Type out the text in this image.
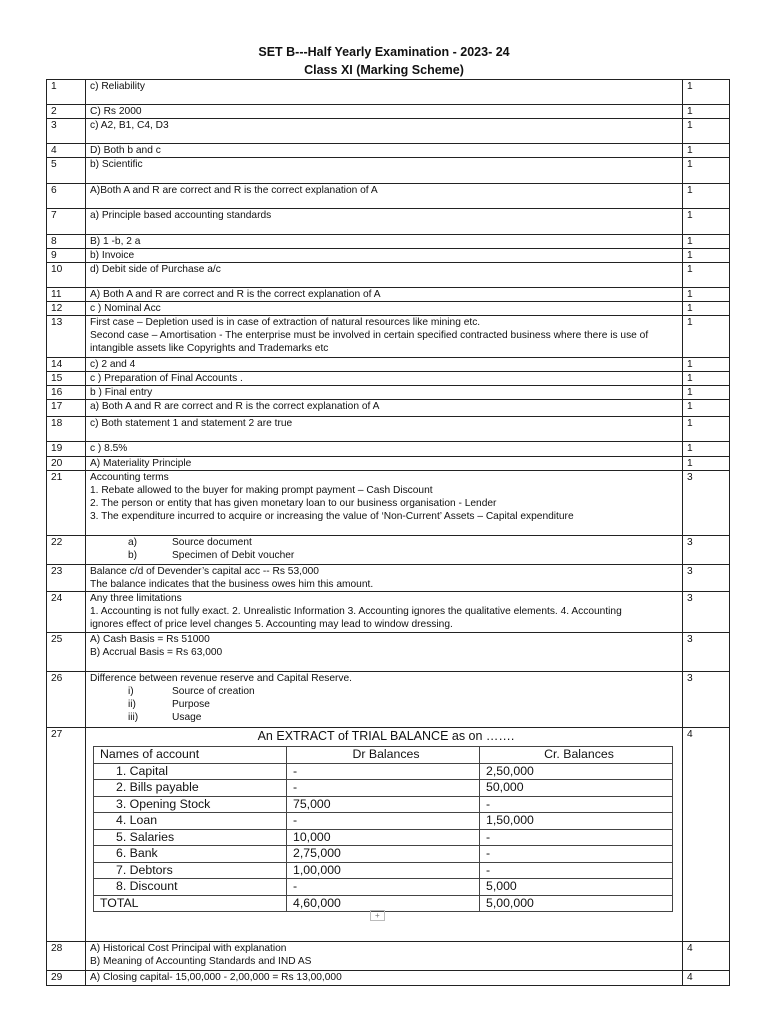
SET B---Half Yearly Examination - 2023- 24
Class XI (Marking Scheme)
1	c) Reliability	1
2	C) Rs 2000	1
3	c) A2, B1, C4, D3	1
4	D) Both b and c	1
5	b) Scientific	1
6	A)Both A and R are correct and R is the correct explanation of A	1
7	a) Principle based accounting standards	1
8	B) 1 -b, 2 a	1
9	b) Invoice	1
10	d) Debit side of Purchase a/c	1
11	A) Both A and R are correct and R is the correct explanation of A	1
12	c ) Nominal Acc	1
13	First case – Depletion used is in case of extraction of natural resources like mining etc.
Second case – Amortisation - The enterprise must be involved in certain specified contracted business where there is use of
intangible assets like Copyrights and Trademarks etc
	1
14	c) 2 and 4	1
15	c ) Preparation of Final Accounts .	1
16	b ) Final entry	1
17	a) Both A and R are correct and R is the correct explanation of A	1
18	c) Both statement 1 and statement 2 are true	1
19	c ) 8.5%	1
20	A) Materiality Principle	1
21	Accounting terms
1. Rebate allowed to the buyer for making prompt payment – Cash Discount
2. The person or entity that has given monetary loan to our business organisation - Lender
3. The expenditure incurred to acquire or increasing the value of ‘Non-Current’ Assets – Capital expenditure
	3
22	a)	Source document
b)	Specimen of Debit voucher
	3
23	Balance c/d of Devender’s capital acc -- Rs 53,000
The balance indicates that the business owes him this amount.
	3
24	Any three limitations
1. Accounting is not fully exact. 2. Unrealistic Information 3. Accounting ignores the qualitative elements. 4. Accounting
ignores effect of price level changes 5. Accounting may lead to window dressing.
	3
25	A) Cash Basis = Rs 51000
B) Accrual Basis = Rs 63,000
	3
26	Difference between revenue reserve and Capital Reserve.
i)	Source of creation
ii)	Purpose
iii)	Usage
	3
27	An EXTRACT of TRIAL BALANCE as on …….
Names of account	Dr Balances	Cr. Balances
1. Capital	-	2,50,000
2. Bills payable	-	50,000
3. Opening Stock	75,000	-
4. Loan	-	1,50,000
5. Salaries	10,000	-
6. Bank	2,75,000	-
7. Debtors	1,00,000	-
8. Discount	-	5,000
TOTAL	4,60,000	5,00,000
	4
28	A) Historical Cost Principal with explanation
B) Meaning of Accounting Standards and IND AS
	4
29	A) Closing capital- 15,00,000 - 2,00,000 = Rs 13,00,000	4
+
